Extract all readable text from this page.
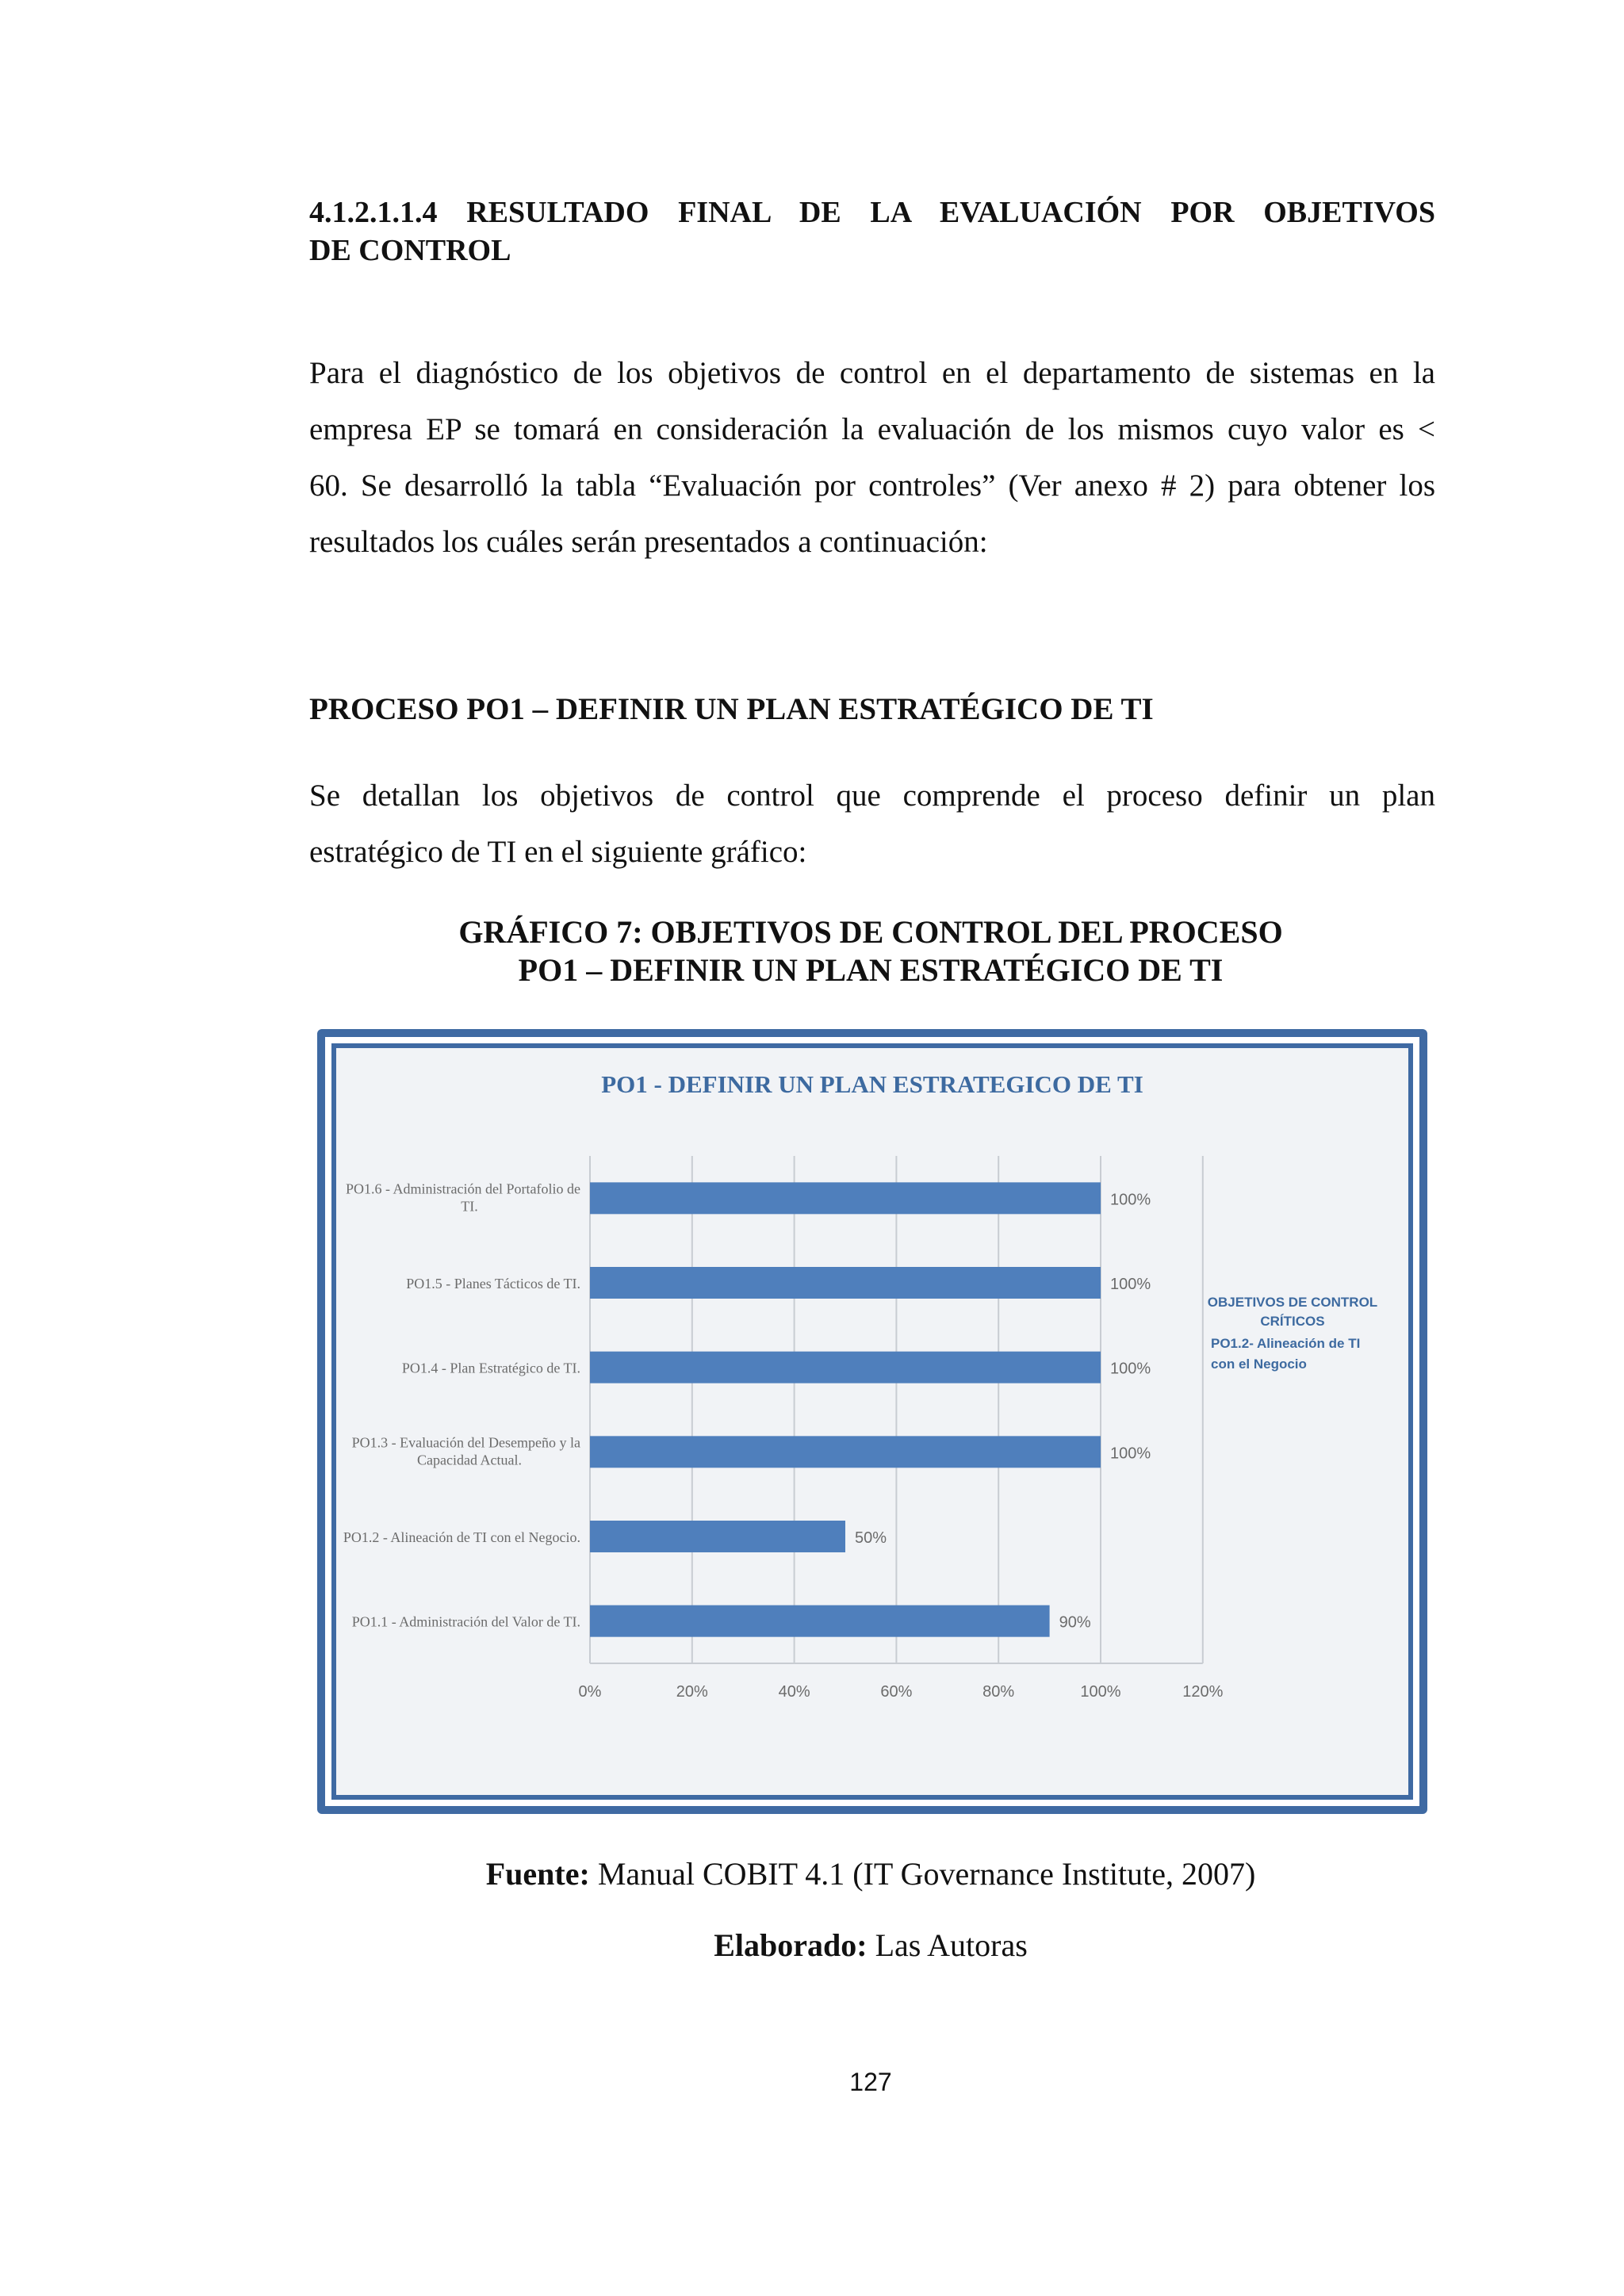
4.1.2.1.1.4 RESULTADO FINAL DE LA EVALUACIÓN POR OBJETIVOS
DE CONTROL
Para el diagnóstico de los objetivos de control en el departamento de sistemas en la
empresa EP se tomará en consideración la evaluación de los mismos cuyo valor es <
60. Se desarrolló la tabla “Evaluación por controles” (Ver anexo # 2) para obtener los
resultados los cuáles serán presentados a continuación:
PROCESO PO1 – DEFINIR UN PLAN ESTRATÉGICO DE TI
Se detallan los objetivos de control que comprende el proceso definir un plan
estratégico de TI en el siguiente gráfico:
GRÁFICO 7: OBJETIVOS DE CONTROL DEL PROCESO
PO1 – DEFINIR UN PLAN ESTRATÉGICO DE TI
PO1 - DEFINIR UN PLAN ESTRATEGICO DE TI
0%	20%	40%	60%	80%	100%	120%
100%
PO1.6 - Administración del Portafolio de TI.
100%
PO1.5 - Planes Tácticos de TI.
100%
PO1.4 - Plan Estratégico de TI.
100%
PO1.3 - Evaluación del Desempeño y la Capacidad Actual.
50%
PO1.2 - Alineación de TI con el Negocio.
90%
PO1.1 - Administración del Valor de TI.
OBJETIVOS DE CONTROL
CRÍTICOS
PO1.2- Alineación de TI
con el Negocio
Fuente: Manual COBIT 4.1 (IT Governance Institute, 2007)
Elaborado: Las Autoras
127
